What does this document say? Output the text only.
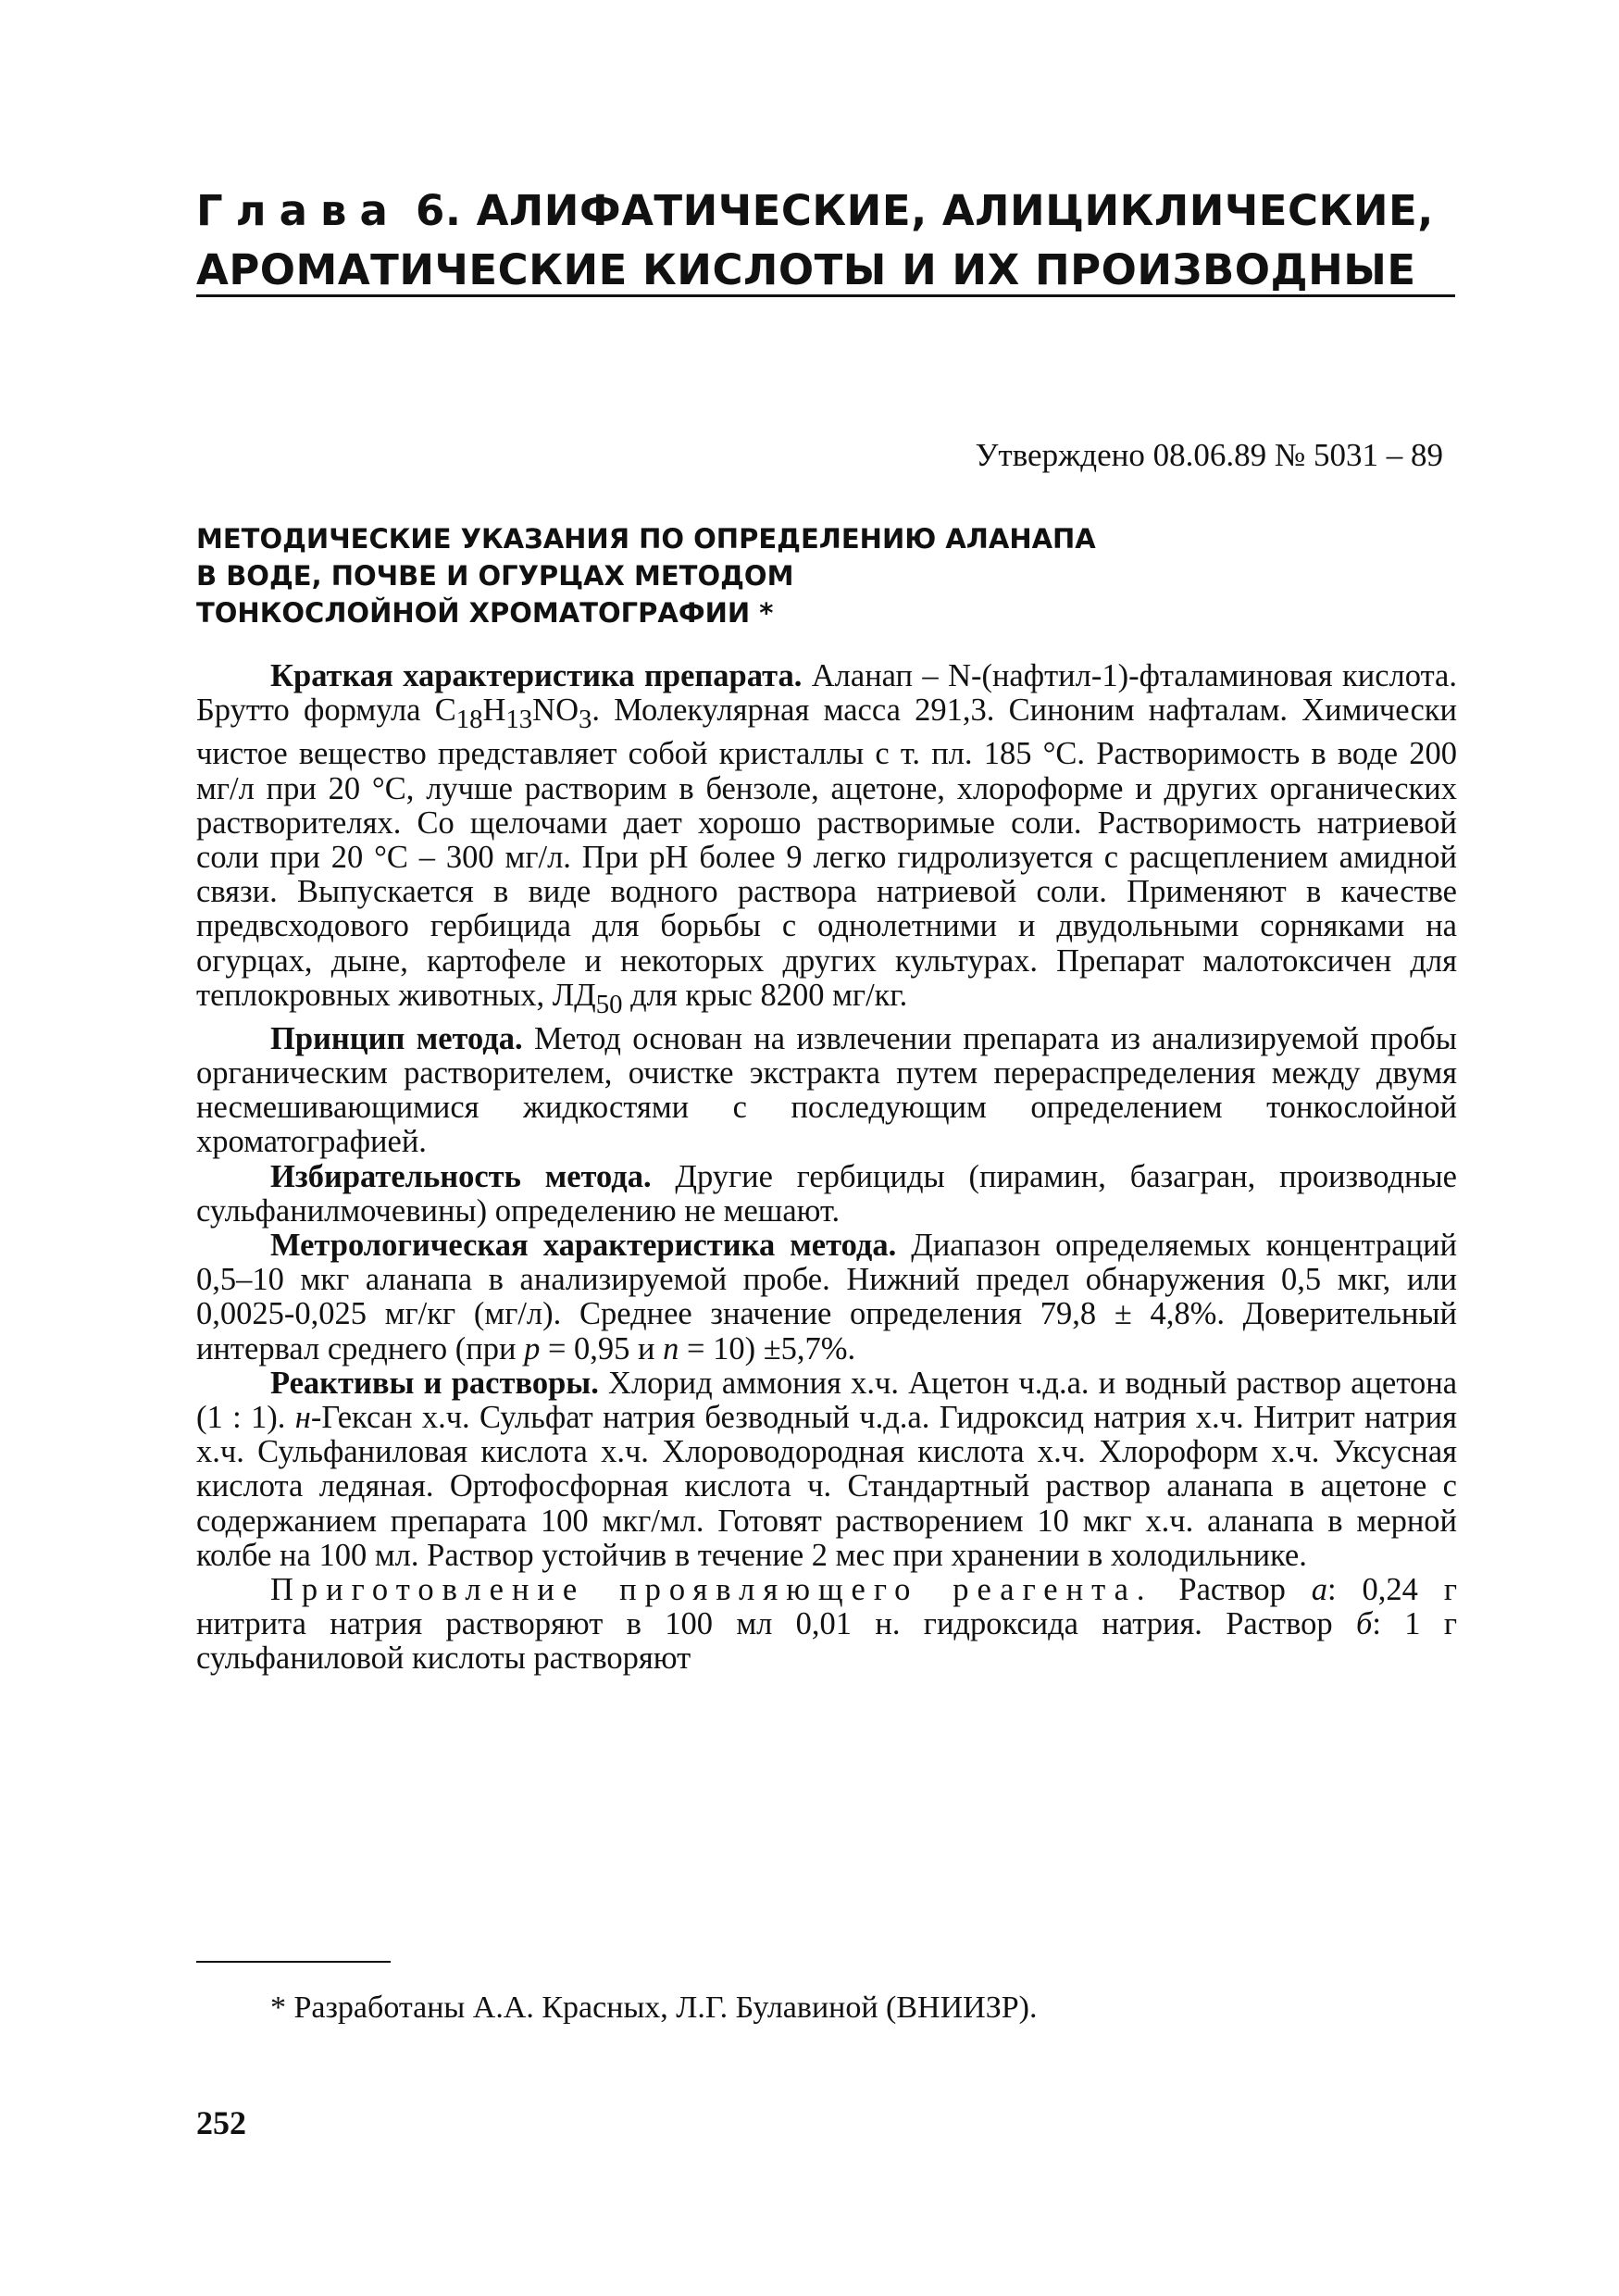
Глава 6. АЛИФАТИЧЕСКИЕ, АЛИЦИКЛИЧЕСКИЕ,
АРОМАТИЧЕСКИЕ КИСЛОТЫ И ИХ ПРОИЗВОДНЫЕ
Утверждено 08.06.89 № 5031 – 89
МЕТОДИЧЕСКИЕ УКАЗАНИЯ ПО ОПРЕДЕЛЕНИЮ АЛАНАПА
В ВОДЕ, ПОЧВЕ И ОГУРЦАХ МЕТОДОМ
ТОНКОСЛОЙНОЙ ХРОМАТОГРАФИИ *

Краткая характеристика препарата. Аланап – N-(нафтил-1)-фталаминовая кислота. Брутто формула $C_{18}H_{13}NO_3$. Молекулярная масса 291,3. Синоним нафталам. Химически чистое вещество представляет собой кристаллы с т. пл. 185 °С. Растворимость в воде 200 мг/л при 20 °С, лучше растворим в бензоле, ацетоне, хлороформе и других органических растворителях. Со щелочами дает хорошо растворимые соли. Растворимость натриевой соли при 20 °С – 300 мг/л. При pH более 9 легко гидролизуется с расщеплением амидной связи. Выпускается в виде водного раствора натриевой соли. Применяют в качестве предвсходового гербицида для борьбы с однолетними и двудольными сорняками на огурцах, дыне, картофеле и некоторых других культурах. Препарат малотоксичен для теплокровных животных, $ЛД_{50}$ для крыс 8200 мг/кг.

Принцип метода. Метод основан на извлечении препарата из анализируемой пробы органическим растворителем, очистке экстракта путем перераспределения между двумя несмешивающимися жидкостями с последующим определением тонкослойной хроматографией.

Избирательность метода. Другие гербициды (пирамин, базагран, производные сульфанилмочевины) определению не мешают.

Метрологическая характеристика метода. Диапазон определяемых концентраций 0,5–10 мкг аланапа в анализируемой пробе. Нижний предел обнаружения 0,5 мкг, или 0,0025-0,025 мг/кг (мг/л). Среднее значение определения 79,8 ± 4,8%. Доверительный интервал среднего (при p = 0,95 и n = 10) ±5,7%.

Реактивы и растворы. Хлорид аммония х.ч. Ацетон ч.д.а. и водный раствор ацетона (1 : 1). н-Гексан х.ч. Сульфат натрия безводный ч.д.а. Гидроксид натрия х.ч. Нитрит натрия х.ч. Сульфаниловая кислота х.ч. Хлороводородная кислота х.ч. Хлороформ х.ч. Уксусная кислота ледяная. Ортофосфорная кислота ч. Стандартный раствор аланапа в ацетоне с содержанием препарата 100 мкг/мл. Готовят растворением 10 мкг х.ч. аланапа в мерной колбе на 100 мл. Раствор устойчив в течение 2 мес при хранении в холодильнике.

Приготовление проявляющего реагента. Раствор а: 0,24 г нитрита натрия растворяют в 100 мл 0,01 н. гидроксида натрия. Раствор б: 1 г сульфаниловой кислоты растворяют

* Разработаны А.А. Красных, Л.Г. Булавиной (ВНИИЗР).
252
